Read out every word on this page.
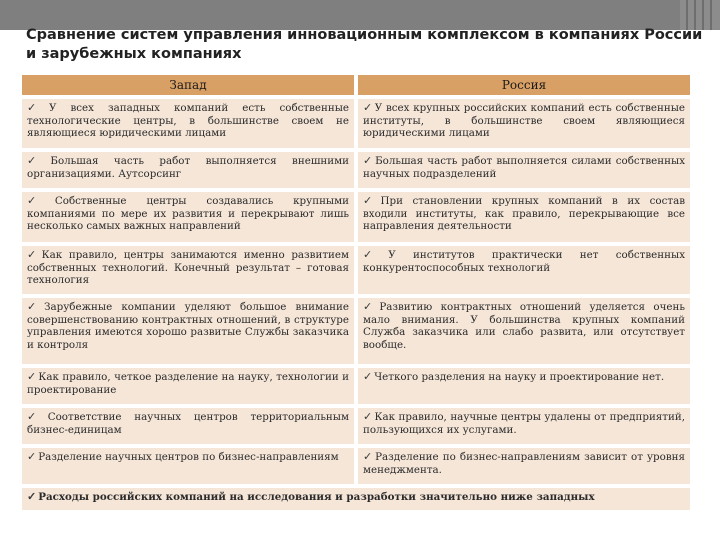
Сравнение систем управления инновационным комплексом в компаниях России и зарубежных компаниях
Запад	Россия
✓ У всех западных компаний есть собственные технологические центры, в большинстве своем не являющиеся юридическими лицами	✓ У всех крупных российских компаний есть собственные институты, в большинстве своем являющиеся юридическими лицами
✓ Большая часть работ выполняется внешними организациями. Аутсорсинг	✓ Большая часть работ выполняется силами собственных научных подразделений
✓ Собственные центры создавались крупными компаниями по мере их развития и перекрывают лишь несколько самых важных направлений	✓ При становлении крупных компаний в их состав входили институты, как правило, перекрывающие все направления деятельности
✓ Как правило, центры занимаются именно развитием собственных технологий. Конечный результат – готовая технология	✓ У институтов практически нет собственных конкурентоспособных технологий
✓ Зарубежные компании уделяют большое внимание совершенствованию контрактных отношений, в структуре управления имеются хорошо развитые Службы заказчика и контроля	✓ Развитию контрактных отношений уделяется очень мало внимания. У большинства крупных компаний Служба заказчика или слабо развита, или отсутствует вообще.
✓ Как правило, четкое разделение на науку, технологии и проектирование	✓ Четкого разделения на науку и проектирование нет.
✓ Соответствие научных центров территориальным бизнес-единицам	✓ Как правило, научные центры удалены от предприятий, пользующихся их услугами.
✓ Разделение научных центров по бизнес-направлениям	✓ Разделение по бизнес-направлениям зависит от уровня менеджмента.
✓ Расходы российских компаний на исследования и разработки значительно ниже западных	
